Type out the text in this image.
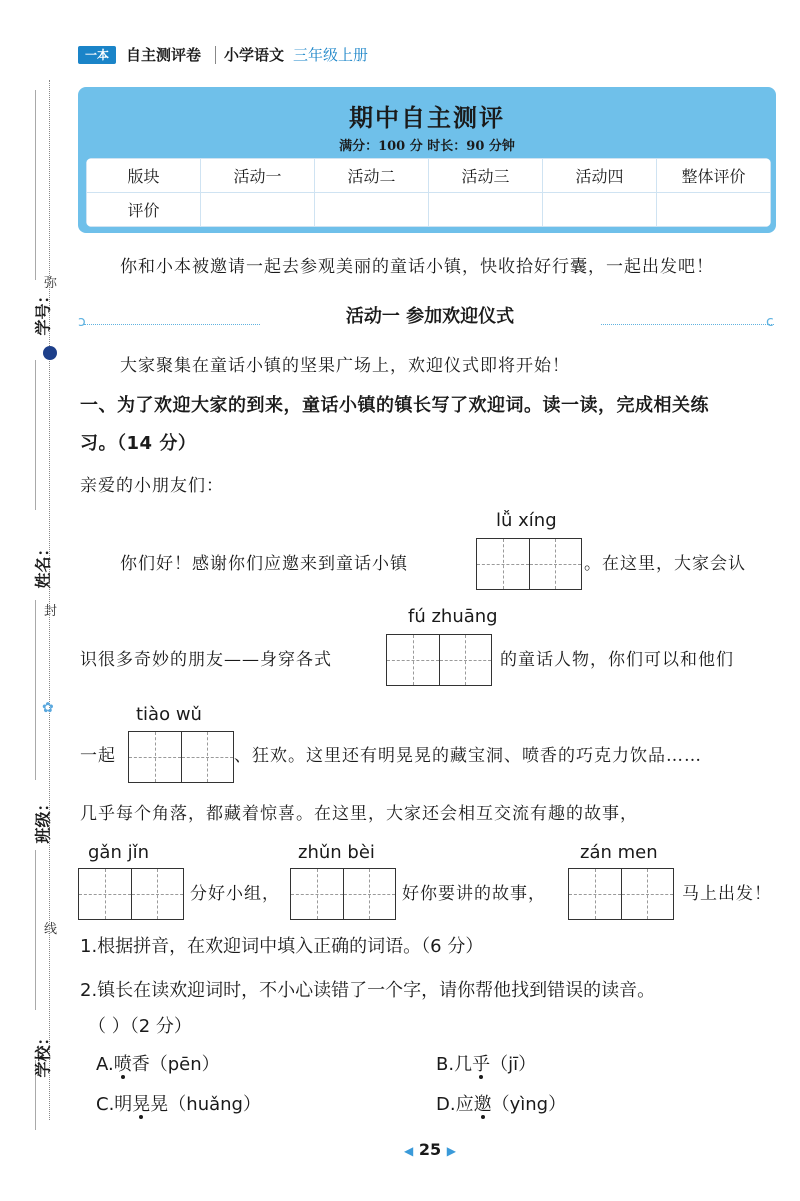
一本	自主测评卷 小学语文 三年级上册
学号：
姓名：
班级：
学校：
弥
封
线
✿
期中自主测评
满分：100 分 时长：90 分钟
版块	活动一	活动二	活动三	活动四	整体评价
评价					
你和小本被邀请一起去参观美丽的童话小镇，快收拾好行囊，一起出发吧！
ↄ	c
活动一 参加欢迎仪式
大家聚集在童话小镇的坚果广场上，欢迎仪式即将开始！
一、为了欢迎大家的到来，童话小镇的镇长写了欢迎词。读一读，完成相关练
习。（14 分）
亲爱的小朋友们：
lǚ xíng
你们好！感谢你们应邀来到童话小镇	。在这里，大家会认
fú zhuāng
识很多奇妙的朋友——身穿各式	的童话人物，你们可以和他们
tiào wǔ
一起	、狂欢。这里还有明晃晃的藏宝洞、喷香的巧克力饮品……
几乎每个角落，都藏着惊喜。在这里，大家还会相互交流有趣的故事，
gǎn jǐn	zhǔn bèi	zán men
分好小组，	好你要讲的故事，	马上出发！
1.根据拼音，在欢迎词中填入正确的词语。（6 分）
2.镇长在读欢迎词时，不小心读错了一个字，请你帮他找到错误的读音。
（ ）（2 分）
A.喷香（pēn）	B.几乎（jī）
C.明晃晃（huǎng）	D.应邀（yìng）
◀ 25 ▶
